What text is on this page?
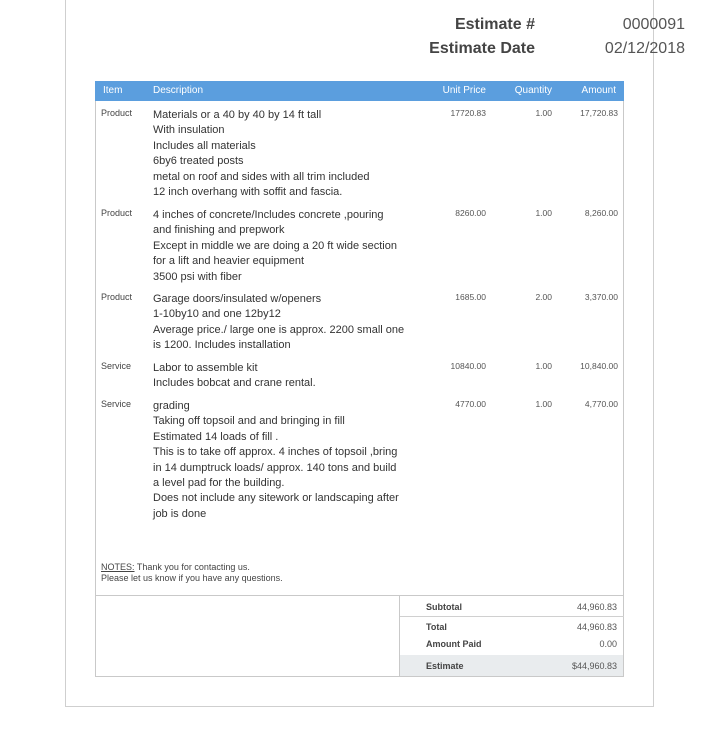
Estimate #	0000091
Estimate Date	02/12/2018
Item	Description	Unit Price	Quantity	Amount
Product Materials or a 40 by 40 by 14 ft tall
With insulation
Includes all materials
6by6 treated posts
metal on roof and sides with all trim included
12 inch overhang with soffit and fascia.
17720.83	1.00	17,720.83
Product 4 inches of concrete/Includes concrete ,pouring
and finishing and prepwork
Except in middle we are doing a 20 ft wide section
for a lift and heavier equipment
3500 psi with fiber
8260.00	1.00	8,260.00
Product Garage doors/insulated w/openers
1-10by10 and one 12by12
Average price./ large one is approx. 2200 small one
is 1200. Includes installation
1685.00	2.00	3,370.00
Service Labor to assemble kit
Includes bobcat and crane rental.
10840.00	1.00	10,840.00
Service grading
Taking off topsoil and and bringing in fill
Estimated 14 loads of fill .
This is to take off approx. 4 inches of topsoil ,bring
in 14 dumptruck loads/ approx. 140 tons and build
a level pad for the building.
Does not include any sitework or landscaping after
job is done
4770.00	1.00	4,770.00
NOTES: Thank you for contacting us.
Please let us know if you have any questions.
Subtotal	44,960.83
Total	44,960.83
Amount Paid	0.00
Estimate	$44,960.83
